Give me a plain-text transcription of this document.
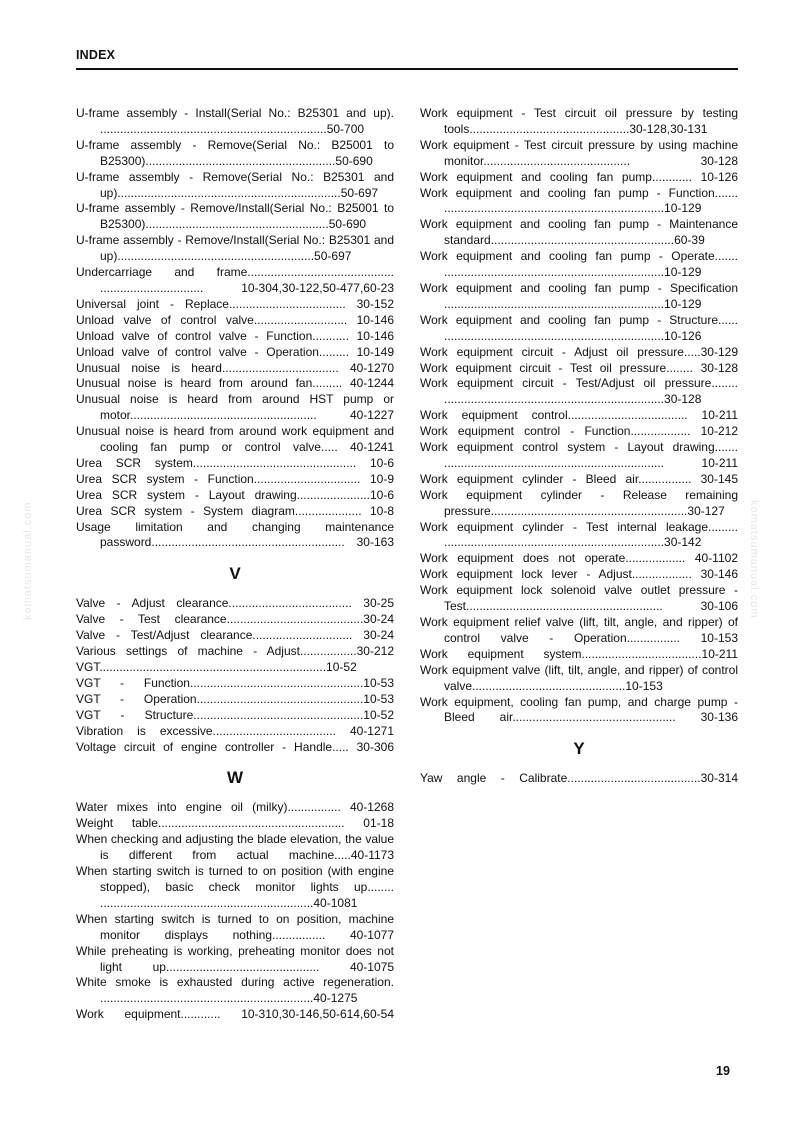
INDEX
komatsumanual.com	komatsumanual.com
U-frame assembly - Install(Serial No.: B25301 and up). ....................................................................50-700
U-frame assembly - Remove(Serial No.: B25001 to B25300).........................................................50-690
U-frame assembly - Remove(Serial No.: B25301 and up)...................................................................50-697
U-frame assembly - Remove/Install(Serial No.: B25001 to B25300).......................................................50-690
U-frame assembly - Remove/Install(Serial No.: B25301 and up)...........................................................50-697
Undercarriage and frame............................................ ............................... 10-304,30-122,50-477,60-23
Universal joint - Replace................................... 30-152
Unload valve of control valve............................ 10-146
Unload valve of control valve - Function........... 10-146
Unload valve of control valve - Operation......... 10-149
Unusual noise is heard................................... 40-1270
Unusual noise is heard from around fan......... 40-1244
Unusual noise is heard from around HST pump or motor........................................................ 40-1227
Unusual noise is heard from around work equipment and cooling fan pump or control valve..... 40-1241
Urea SCR system................................................. 10-6
Urea SCR system - Function................................ 10-9
Urea SCR system - Layout drawing......................10-6
Urea SCR system - System diagram.................... 10-8
Usage limitation and changing maintenance password.......................................................... 30-163
V
Valve - Adjust clearance..................................... 30-25
Valve - Test clearance.........................................30-24
Valve - Test/Adjust clearance.............................. 30-24
Various settings of machine - Adjust.................30-212
VGT....................................................................10-52
VGT - Function....................................................10-53
VGT - Operation..................................................10-53
VGT - Structure...................................................10-52
Vibration is excessive..................................... 40-1271
Voltage circuit of engine controller - Handle..... 30-306
W
Water mixes into engine oil (milky)................ 40-1268
Weight table........................................................ 01-18
When checking and adjusting the blade elevation, the value is different from actual machine.....40-1173
When starting switch is turned to on position (with engine stopped), basic check monitor lights up........ ................................................................40-1081
When starting switch is turned to on position, machine monitor displays nothing................ 40-1077
While preheating is working, preheating monitor does not light up.............................................. 40-1075
White smoke is exhausted during active regeneration. ................................................................40-1275
Work equipment............ 10-310,30-146,50-614,60-54
Work equipment - Test circuit oil pressure by testing tools................................................30-128,30-131
Work equipment - Test circuit pressure by using machine monitor............................................ 30-128
Work equipment and cooling fan pump............ 10-126
Work equipment and cooling fan pump - Function....... ..................................................................10-129
Work equipment and cooling fan pump - Maintenance standard.......................................................60-39
Work equipment and cooling fan pump - Operate....... ..................................................................10-129
Work equipment and cooling fan pump - Specification ..................................................................10-129
Work equipment and cooling fan pump - Structure...... ..................................................................10-126
Work equipment circuit - Adjust oil pressure.....30-129
Work equipment circuit - Test oil pressure........ 30-128
Work equipment circuit - Test/Adjust oil pressure........ ..................................................................30-128
Work equipment control.................................... 10-211
Work equipment control - Function.................. 10-212
Work equipment control system - Layout drawing....... .................................................................. 10-211
Work equipment cylinder - Bleed air................ 30-145
Work equipment cylinder - Release remaining pressure...........................................................30-127
Work equipment cylinder - Test internal leakage......... ..................................................................30-142
Work equipment does not operate.................. 40-1102
Work equipment lock lever - Adjust.................. 30-146
Work equipment lock solenoid valve outlet pressure - Test........................................................... 30-106
Work equipment relief valve (lift, tilt, angle, and ripper) of control valve - Operation................ 10-153
Work equipment system....................................10-211
Work equipment valve (lift, tilt, angle, and ripper) of control valve..............................................10-153
Work equipment, cooling fan pump, and charge pump - Bleed air................................................. 30-136
Y
Yaw angle - Calibrate........................................30-314
19
